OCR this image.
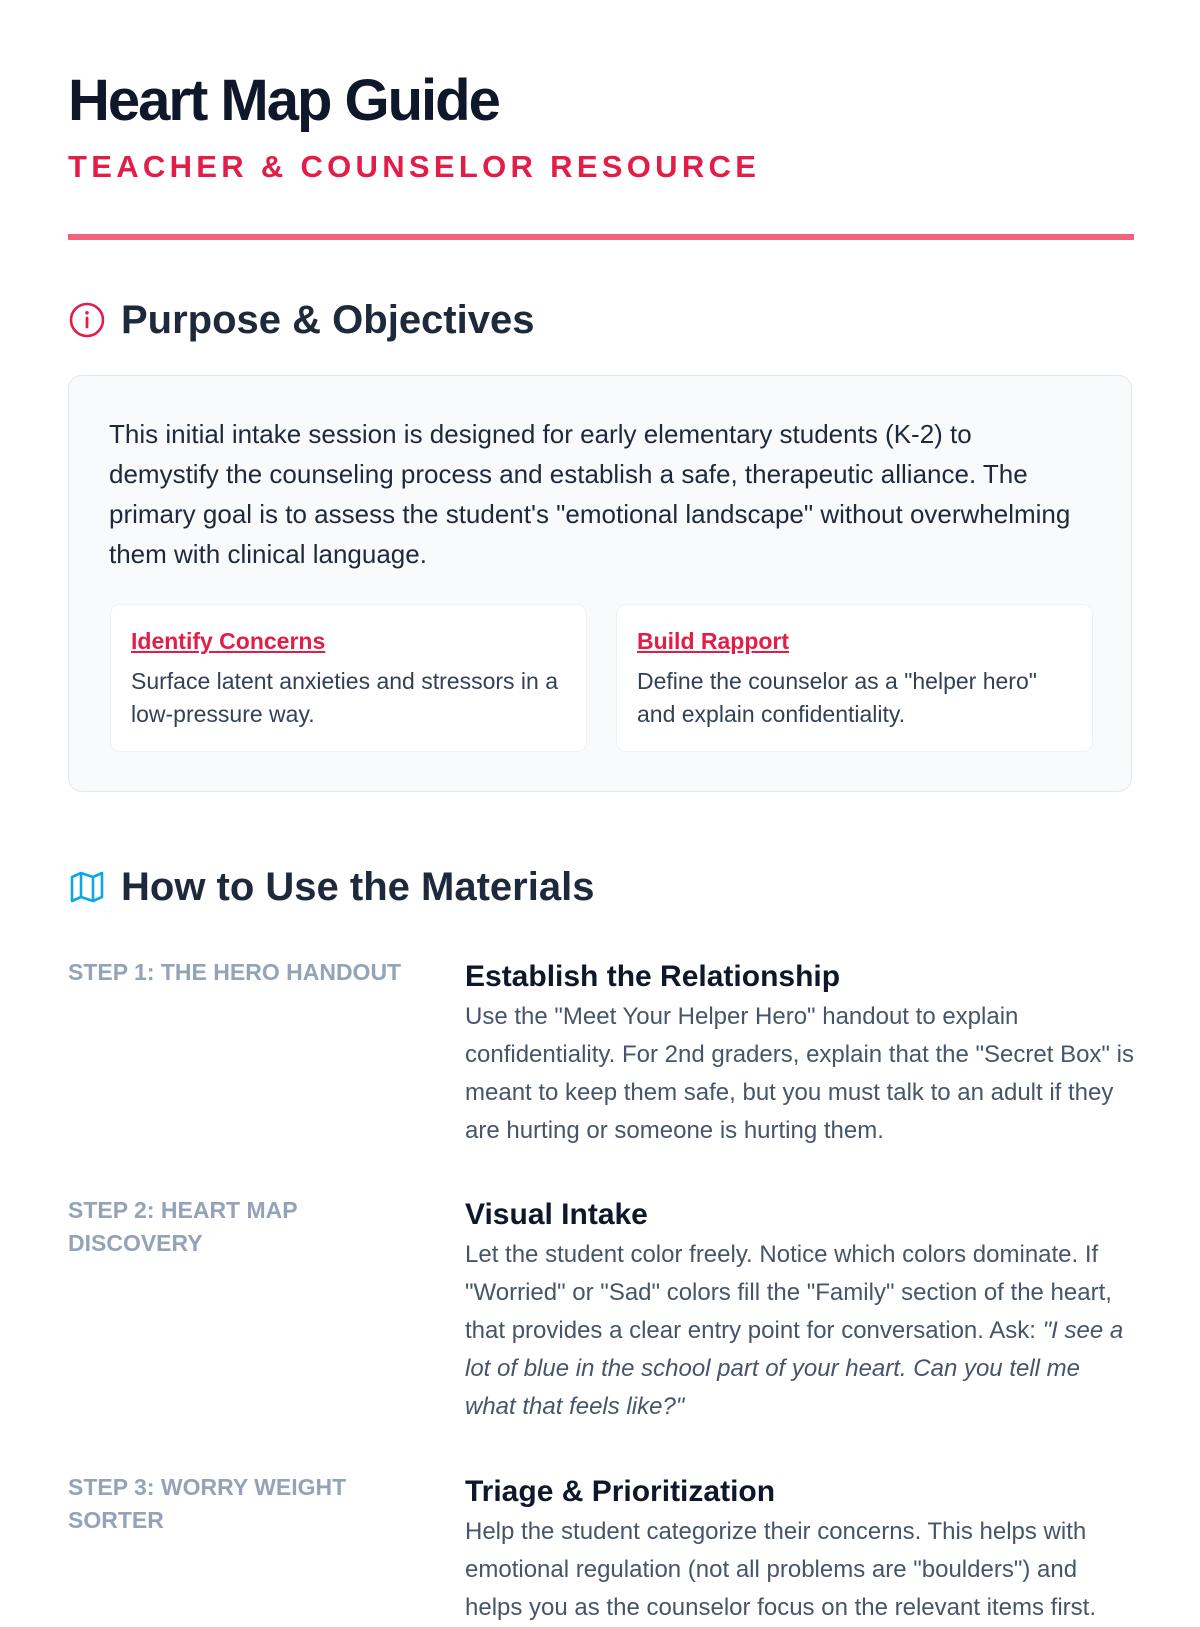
Heart Map Guide
TEACHER & COUNSELOR RESOURCE
Purpose & Objectives

This initial intake session is designed for early elementary students (K-2) to demystify the counseling process and establish a safe, therapeutic alliance. The primary goal is to assess the student's "emotional landscape" without overwhelming them with clinical language.

Identify Concerns

Surface latent anxieties and stressors in a low-pressure way.

Build Rapport

Define the counselor as a "helper hero" and explain confidentiality.

How to Use the Materials
STEP 1: THE HERO HANDOUT	Establish the Relationship

Use the "Meet Your Helper Hero" handout to explain confidentiality. For 2nd graders, explain that the "Secret Box" is meant to keep them safe, but you must talk to an adult if they are hurting or someone is hurting them.

STEP 2: HEART MAP DISCOVERY
Visual Intake

Let the student color freely. Notice which colors dominate. If "Worried" or "Sad" colors fill the "Family" section of the heart, that provides a clear entry point for conversation. Ask: "I see a lot of blue in the school part of your heart. Can you tell me what that feels like?"

STEP 3: WORRY WEIGHT SORTER
Triage & Prioritization

Help the student categorize their concerns. This helps with emotional regulation (not all problems are "boulders") and helps you as the counselor focus on the relevant items first.
